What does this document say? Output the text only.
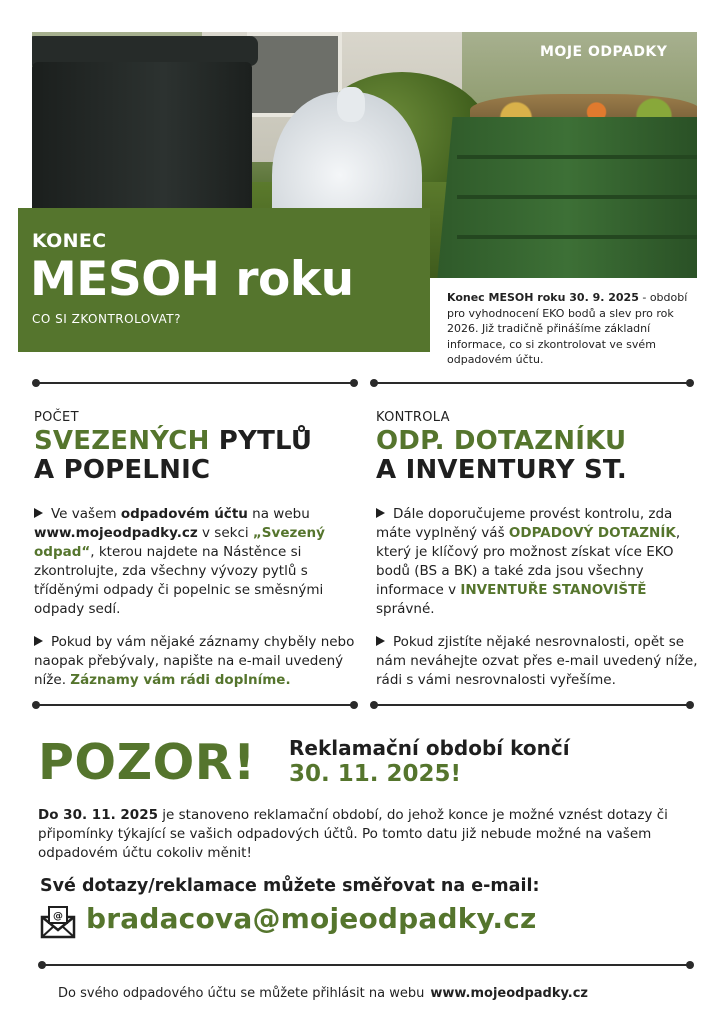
MOJE ODPADKY
KONEC
MESOH roku
CO SI ZKONTROLOVAT?
Konec MESOH roku 30. 9. 2025 - období pro vyhodnocení EKO bodů a slev pro rok 2026. Již tradičně přinášíme základní informace, co si zkontrolovat ve svém odpadovém účtu.
POČET
SVEZENÝCH PYTLŮ
A POPELNIC
Ve vašem odpadovém účtu na webu www.mojeodpadky.cz v sekci „Svezený odpad“, kterou najdete na Nástěnce si zkontrolujte, zda všechny vývozy pytlů s tříděnými odpady či popelnic se směsnými odpady sedí.
Pokud by vám nějaké záznamy chyběly nebo naopak přebývaly, napište na e-mail uvedený níže. Záznamy vám rádi doplníme.
KONTROLA
ODP. DOTAZNÍKU
A INVENTURY ST.
Dále doporučujeme provést kontrolu, zda máte vyplněný váš ODPADOVÝ DOTAZNÍK, který je klíčový pro možnost získat více EKO bodů (BS a BK) a také zda jsou všechny informace v INVENTUŘE STANOVIŠTĚ správné.
Pokud zjistíte nějaké nesrovnalosti, opět se nám neváhejte ozvat přes e-mail uvedený níže, rádi s vámi nesrovnalosti vyřešíme.
POZOR! Reklamační období končí
30. 11. 2025!
Do 30. 11. 2025 je stanoveno reklamační období, do jehož konce je možné vznést dotazy či připomínky týkající se vašich odpadových účtů. Po tomto datu již nebude možné na vašem odpadovém účtu cokoliv měnit!
Své dotazy/reklamace můžete směřovat na e-mail:
@ bradacova@mojeodpadky.cz
Do svého odpadového účtu se můžete přihlásit na webu www.mojeodpadky.cz
